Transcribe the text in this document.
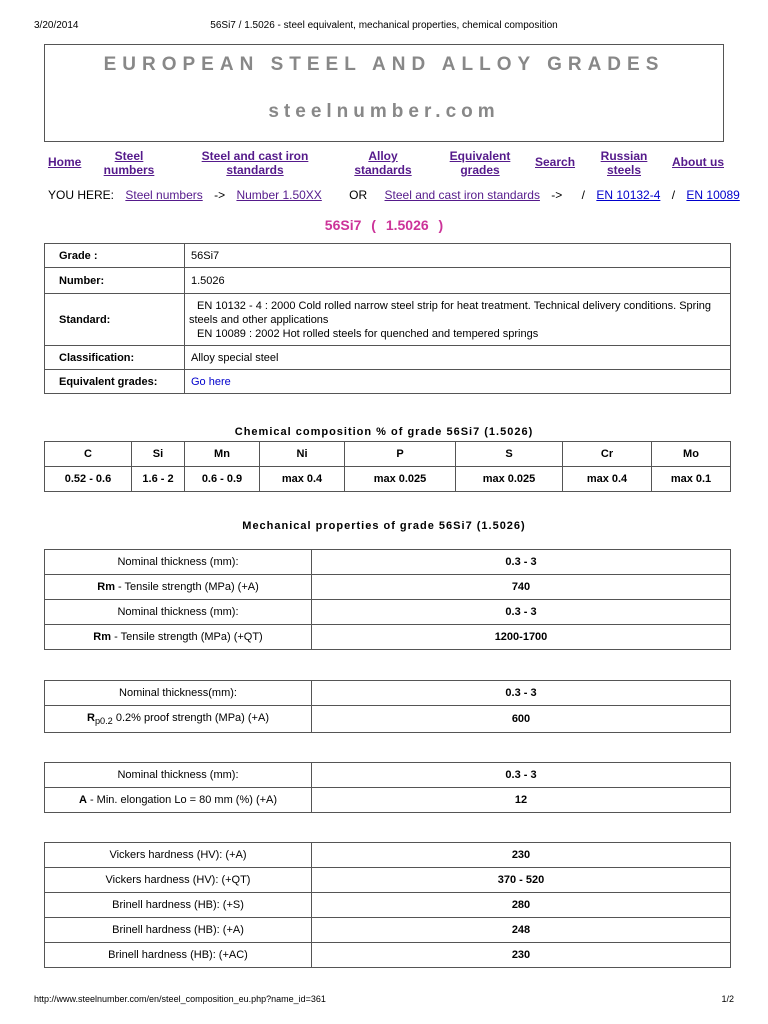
3/20/2014	56Si7 / 1.5026 - steel equivalent, mechanical properties, chemical composition
EUROPEAN STEEL AND ALLOY GRADES
steelnumber.com
Home	Steel numbers
Steel and cast iron standards
Alloy standards
Equivalent grades
Search	Russian steels
About us
YOU HERE: Steel numbers -> Number 1.50XX OR Steel and cast iron standards -> / EN 10132-4 / EN 10089
56Si7 ( 1.5026 )
Grade :	56Si7
Number:	1.5026
Standard:	EN 10132 - 4 : 2000 Cold rolled narrow steel strip for heat treatment. Technical delivery conditions. Spring steels and other applications
EN 10089 : 2002 Hot rolled steels for quenched and tempered springs

Classification:	Alloy special steel
Equivalent grades:	Go here
Chemical composition % of grade 56Si7 (1.5026)
C	Si	Mn	Ni	P	S	Cr	Mo
0.52 - 0.6	1.6 - 2	0.6 - 0.9	max 0.4	max 0.025	max 0.025	max 0.4	max 0.1
Mechanical properties of grade 56Si7 (1.5026)
Nominal thickness (mm):	0.3 - 3
Rm - Tensile strength (MPa) (+A)	740
Nominal thickness (mm):	0.3 - 3
Rm - Tensile strength (MPa) (+QT)	1200-1700
Nominal thickness(mm):	0.3 - 3
$R_{p0.2}$ 0.2% proof strength (MPa) (+A)	600
Nominal thickness (mm):	0.3 - 3
A - Min. elongation Lo = 80 mm (%) (+A)	12
Vickers hardness (HV): (+A)	230
Vickers hardness (HV): (+QT)	370 - 520
Brinell hardness (HB): (+S)	280
Brinell hardness (HB): (+A)	248
Brinell hardness (HB): (+AC)	230
http://www.steelnumber.com/en/steel_composition_eu.php?name_id=361	1/2
